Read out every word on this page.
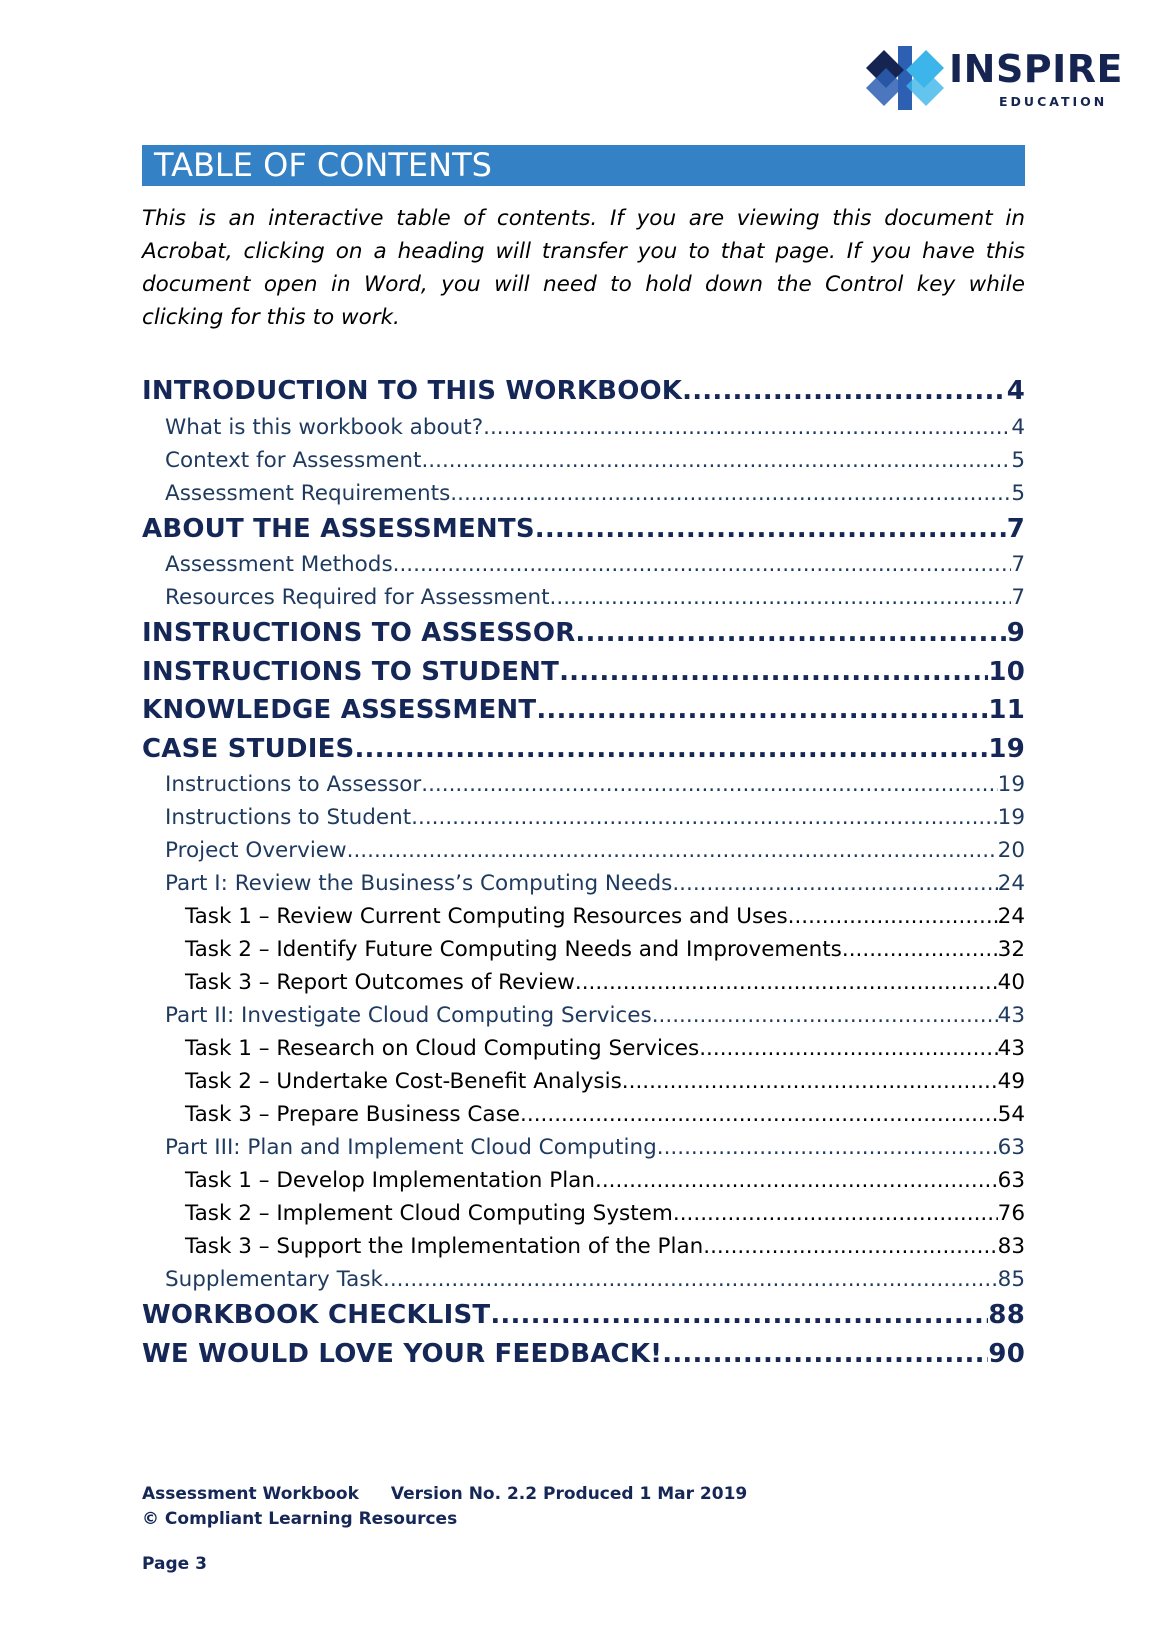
INSPIRE
EDUCATION
TABLE OF CONTENTS
This is an interactive table of contents. If you are viewing this document in Acrobat, clicking on a heading will transfer you to that page. If you have this document open in Word, you will need to hold down the Control key while clicking for this to work.
INTRODUCTION TO THIS WORKBOOK .....	4
What is this workbook about? .....	4
Context for Assessment .....	5
Assessment Requirements .....	5
ABOUT THE ASSESSMENTS .....	7
Assessment Methods .....	7
Resources Required for Assessment .....	7
INSTRUCTIONS TO ASSESSOR .....	9
INSTRUCTIONS TO STUDENT .....	10
KNOWLEDGE ASSESSMENT .....	11
CASE STUDIES .....	19
Instructions to Assessor .....	19
Instructions to Student .....	19
Project Overview .....	20
Part I: Review the Business’s Computing Needs .....	24
Task 1 – Review Current Computing Resources and Uses .....	24
Task 2 – Identify Future Computing Needs and Improvements .....	32
Task 3 – Report Outcomes of Review .....	40
Part II: Investigate Cloud Computing Services .....	43
Task 1 – Research on Cloud Computing Services .....	43
Task 2 – Undertake Cost-Benefit Analysis .....	49
Task 3 – Prepare Business Case .....	54
Part III: Plan and Implement Cloud Computing .....	63
Task 1 – Develop Implementation Plan .....	63
Task 2 – Implement Cloud Computing System .....	76
Task 3 – Support the Implementation of the Plan .....	83
Supplementary Task .....	85
WORKBOOK CHECKLIST .....	88
WE WOULD LOVE YOUR FEEDBACK! .....	90
Assessment Workbook Version No. 2.2 Produced 1 Mar 2019
© Compliant Learning Resources
Page 3
